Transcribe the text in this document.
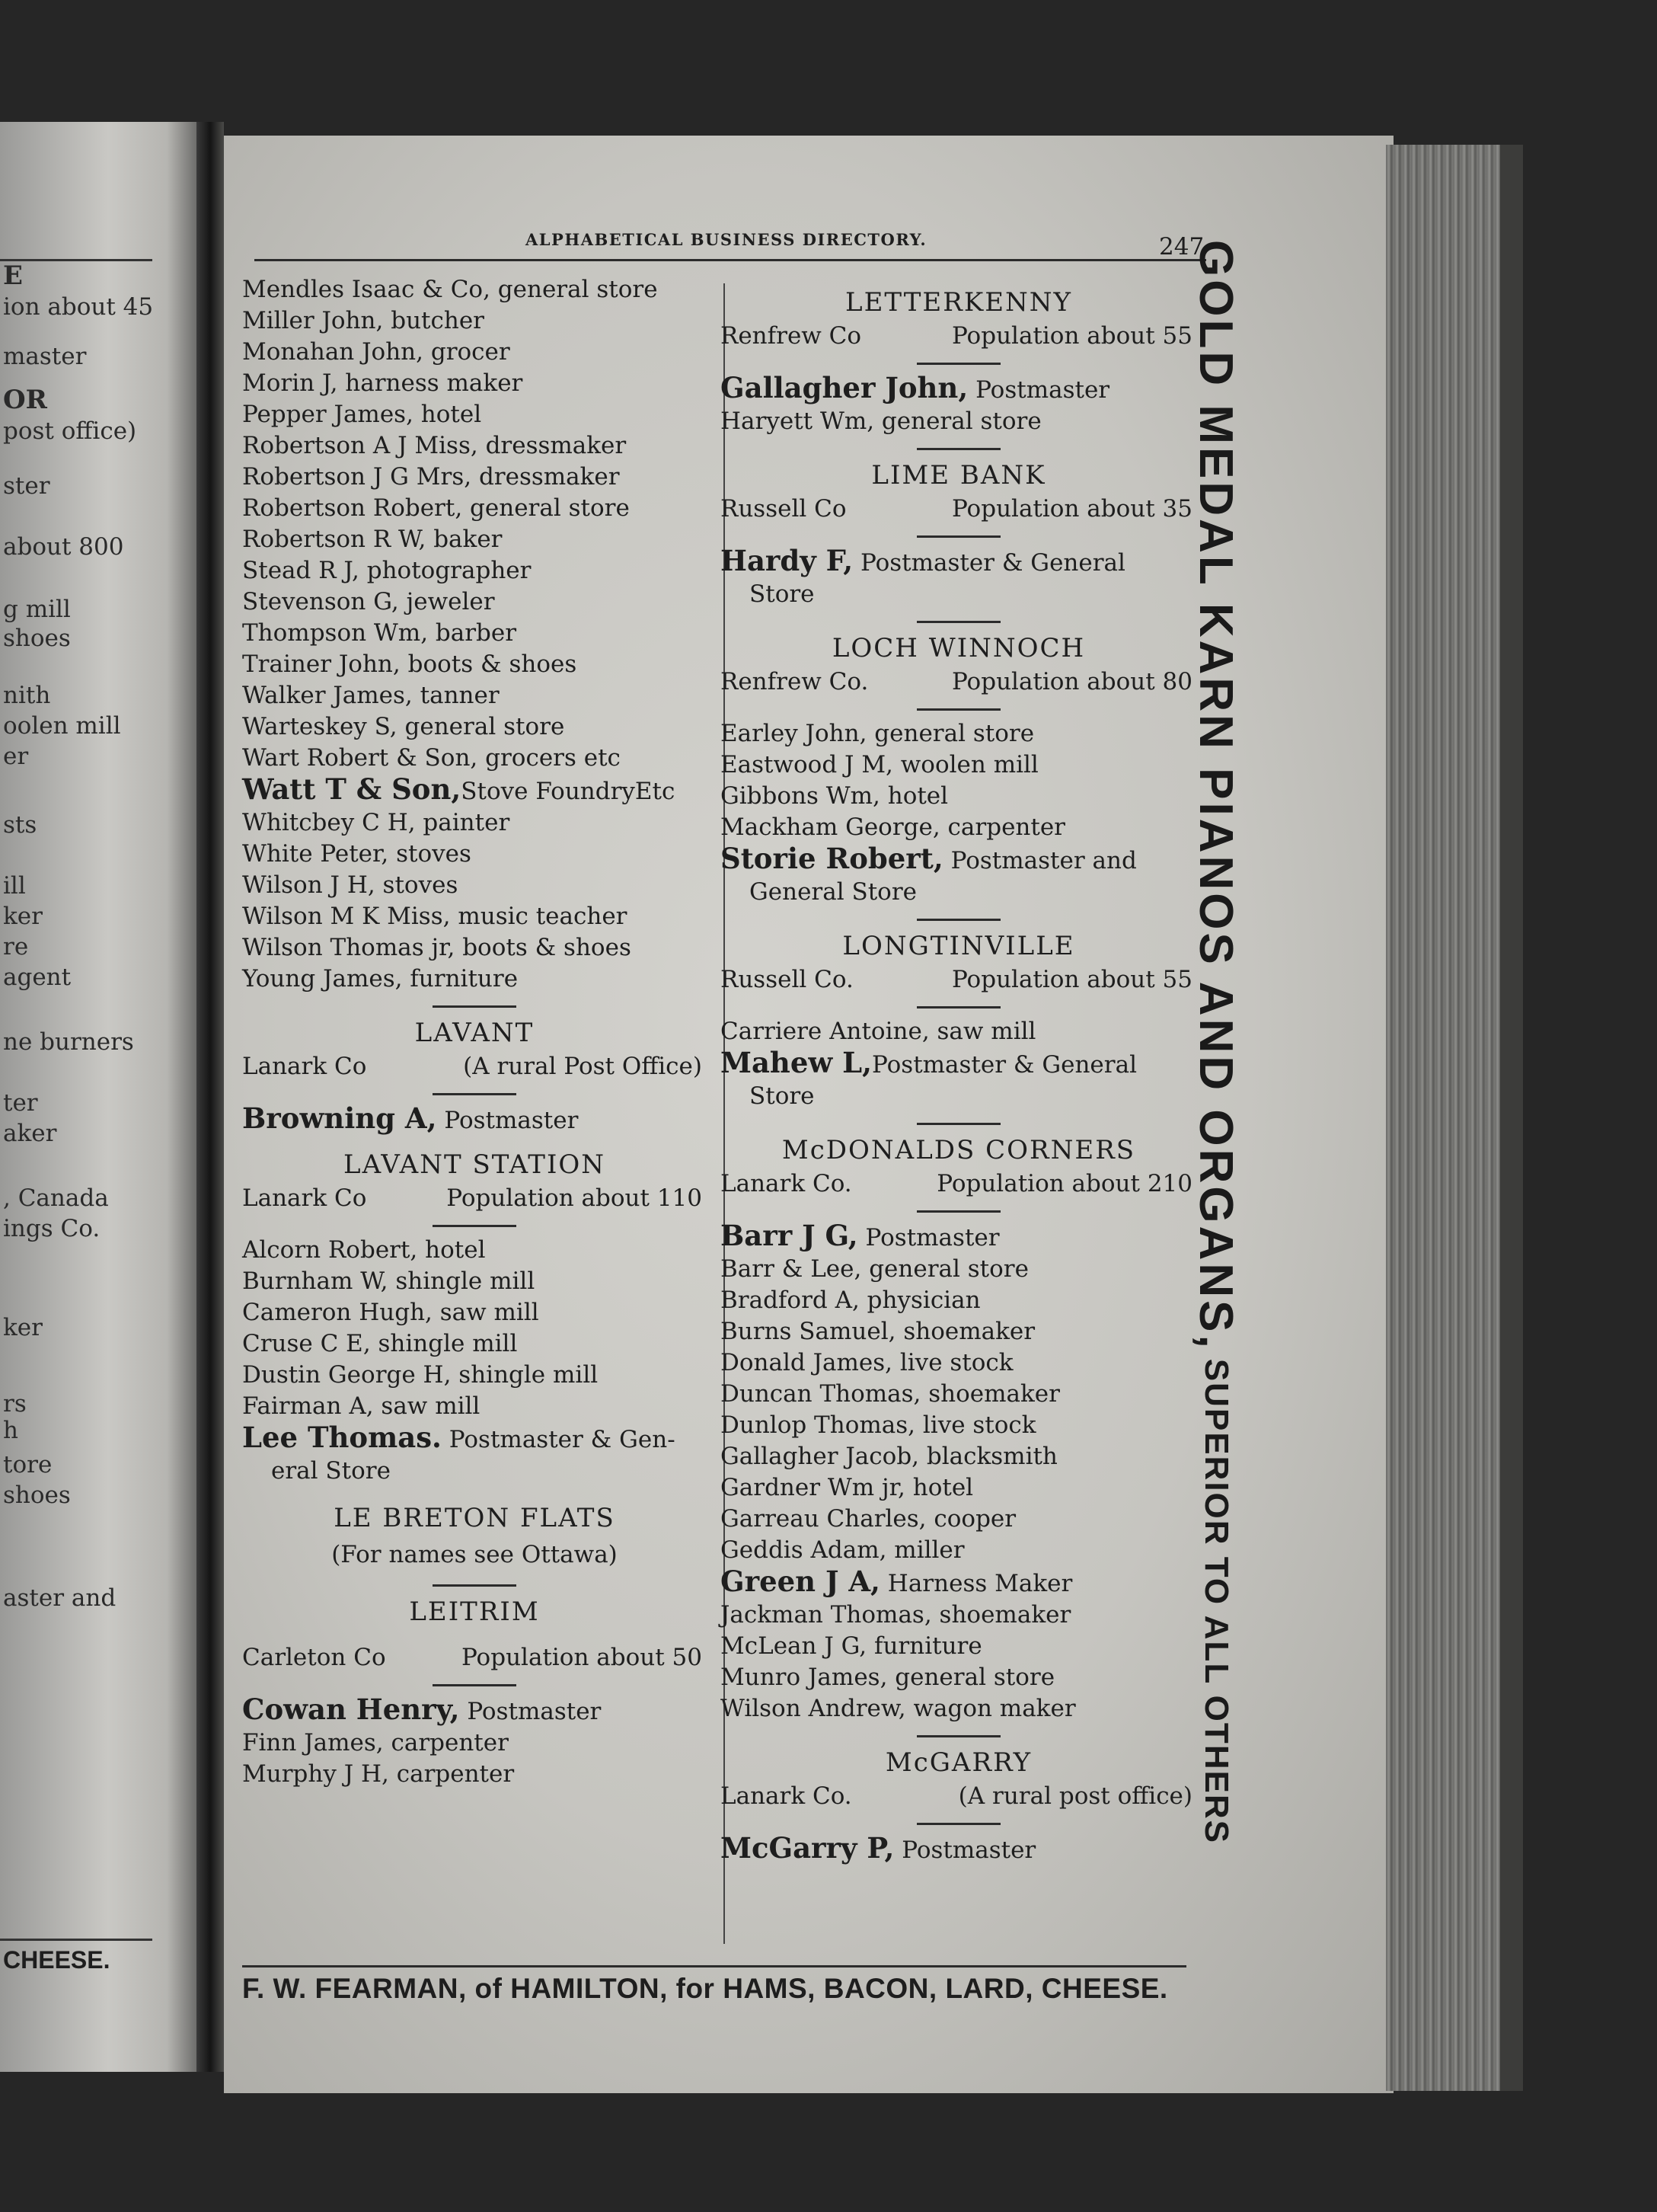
E
ion about 45
master
OR
post office)
ster
about 800
g mill
shoes
nith
oolen mill
er
sts
ill
ker
re
agent
ne burners
ter
aker
, Canada
ings Co.
ker
rs
h
tore
shoes
aster and
CHEESE.
ALPHABETICAL BUSINESS DIRECTORY.	247
Mendles Isaac & Co, general store
Miller John, butcher
Monahan John, grocer
Morin J, harness maker
Pepper James, hotel
Robertson A J Miss, dressmaker
Robertson J G Mrs, dressmaker
Robertson Robert, general store
Robertson R W, baker
Stead R J, photographer
Stevenson G, jeweler
Thompson Wm, barber
Trainer John, boots & shoes
Walker James, tanner
Warteskey S, general store
Wart Robert & Son, grocers etc
Watt T & Son,Stove FoundryEtc
Whitcbey C H, painter
White Peter, stoves
Wilson J H, stoves
Wilson M K Miss, music teacher
Wilson Thomas jr, boots & shoes
Young James, furniture
LAVANT
Lanark Co	(A rural Post Office)
Browning A, Postmaster
LAVANT STATION
Lanark Co	Population about 110
Alcorn Robert, hotel
Burnham W, shingle mill
Cameron Hugh, saw mill
Cruse C E, shingle mill
Dustin George H, shingle mill
Fairman A, saw mill
Lee Thomas. Postmaster & Gen-
eral Store
LE BRETON FLATS
(For names see Ottawa)
LEITRIM
Carleton Co	Population about 50
Cowan Henry, Postmaster
Finn James, carpenter
Murphy J H, carpenter
LETTERKENNY
Renfrew Co	Population about 55
Gallagher John, Postmaster
Haryett Wm, general store
LIME BANK
Russell Co	Population about 35
Hardy F, Postmaster & General
Store
LOCH WINNOCH
Renfrew Co.	Population about 80
Earley John, general store
Eastwood J M, woolen mill
Gibbons Wm, hotel
Mackham George, carpenter
Storie Robert, Postmaster and
General Store
LONGTINVILLE
Russell Co.	Population about 55
Carriere Antoine, saw mill
Mahew L,Postmaster & General
Store
McDONALDS CORNERS
Lanark Co.	Population about 210
Barr J G, Postmaster
Barr & Lee, general store
Bradford A, physician
Burns Samuel, shoemaker
Donald James, live stock
Duncan Thomas, shoemaker
Dunlop Thomas, live stock
Gallagher Jacob, blacksmith
Gardner Wm jr, hotel
Garreau Charles, cooper
Geddis Adam, miller
Green J A, Harness Maker
Jackman Thomas, shoemaker
McLean J G, furniture
Munro James, general store
Wilson Andrew, wagon maker
McGARRY
Lanark Co.	(A rural post office)
McGarry P, Postmaster
F. W. FEARMAN, of HAMILTON, for HAMS, BACON, LARD, CHEESE.
GOLD MEDAL KARN PIANOS AND ORGANS,
SUPERIOR TO ALL OTHERS
